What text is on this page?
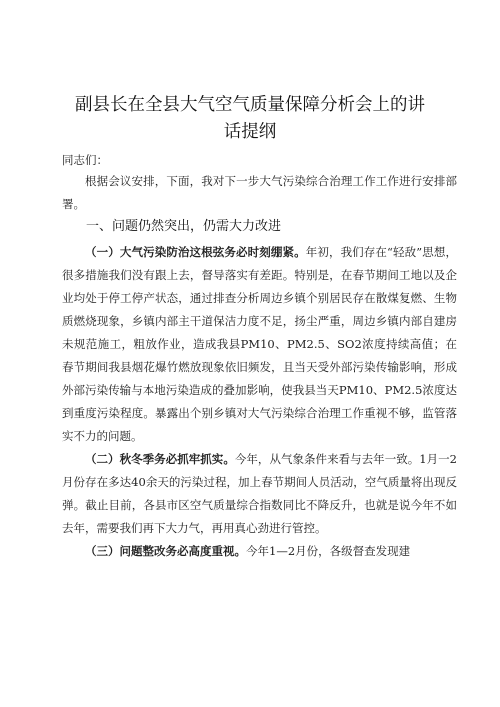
副县长在全县大气空气质量保障分析会上的讲
话提纲
同志们：

根据会议安排，下面，我对下一步大气污染综合治理工作工作进行安排部署。

一、问题仍然突出，仍需大力改进

（一）大气污染防治这根弦务必时刻绷紧。年初，我们存在“轻敌”思想，很多措施我们没有跟上去，督导落实有差距。特别是，在春节期间工地以及企业均处于停工停产状态，通过排查分析周边乡镇个别居民存在散煤复燃、生物质燃烧现象，乡镇内部主干道保洁力度不足，扬尘严重，周边乡镇内部自建房未规范施工，粗放作业，造成我县PM10、PM2.5、SO2浓度持续高值；在春节期间我县烟花爆竹燃放现象依旧频发，且当天受外部污染传输影响，形成外部污染传输与本地污染造成的叠加影响，使我县当天PM10、PM2.5浓度达到重度污染程度。暴露出个别乡镇对大气污染综合治理工作重视不够，监管落实不力的问题。

（二）秋冬季务必抓牢抓实。今年，从气象条件来看与去年一致。1月一2月份存在多达40余天的污染过程，加上春节期间人员活动，空气质量将出现反弹。截止目前，各县市区空气质量综合指数同比不降反升，也就是说今年不如去年，需要我们再下大力气，再用真心劲进行管控。

（三）问题整改务必高度重视。今年1—2月份，各级督查发现建
